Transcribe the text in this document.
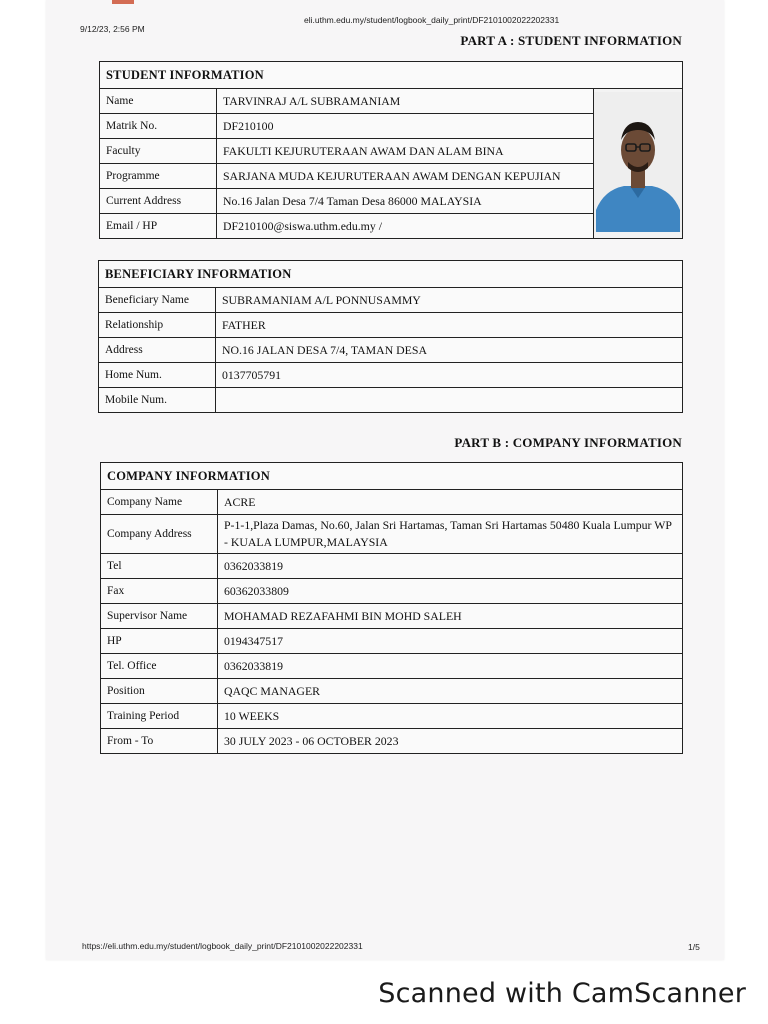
9/12/23, 2:56 PM
eli.uthm.edu.my/student/logbook_daily_print/DF2101002022202331
PART A : STUDENT INFORMATION
STUDENT INFORMATION		
Name	TARVINRAJ A/L SUBRAMANIAM	
Matrik No.	DF210100	
Faculty	FAKULTI KEJURUTERAAN AWAM DAN ALAM BINA	
Programme	SARJANA MUDA KEJURUTERAAN AWAM DENGAN KEPUJIAN	
Current Address	No.16 Jalan Desa 7/4 Taman Desa 86000 MALAYSIA	
Email / HP	DF210100@siswa.uthm.edu.my /	
BENEFICIARY INFORMATION	
Beneficiary Name	SUBRAMANIAM A/L PONNUSAMMY
Relationship	FATHER
Address	NO.16 JALAN DESA 7/4, TAMAN DESA
Home Num.	0137705791
Mobile Num.	
PART B : COMPANY INFORMATION
COMPANY INFORMATION	
Company Name	ACRE
Company Address	P-1-1,Plaza Damas, No.60, Jalan Sri Hartamas, Taman Sri Hartamas 50480 Kuala Lumpur WP - KUALA LUMPUR,MALAYSIA
Tel	0362033819
Fax	60362033809
Supervisor Name	MOHAMAD REZAFAHMI BIN MOHD SALEH
HP	0194347517
Tel. Office	0362033819
Position	QAQC MANAGER
Training Period	10 WEEKS
From - To	30 JULY 2023 - 06 OCTOBER 2023
https://eli.uthm.edu.my/student/logbook_daily_print/DF2101002022202331	1/5
Scanned with CamScanner
